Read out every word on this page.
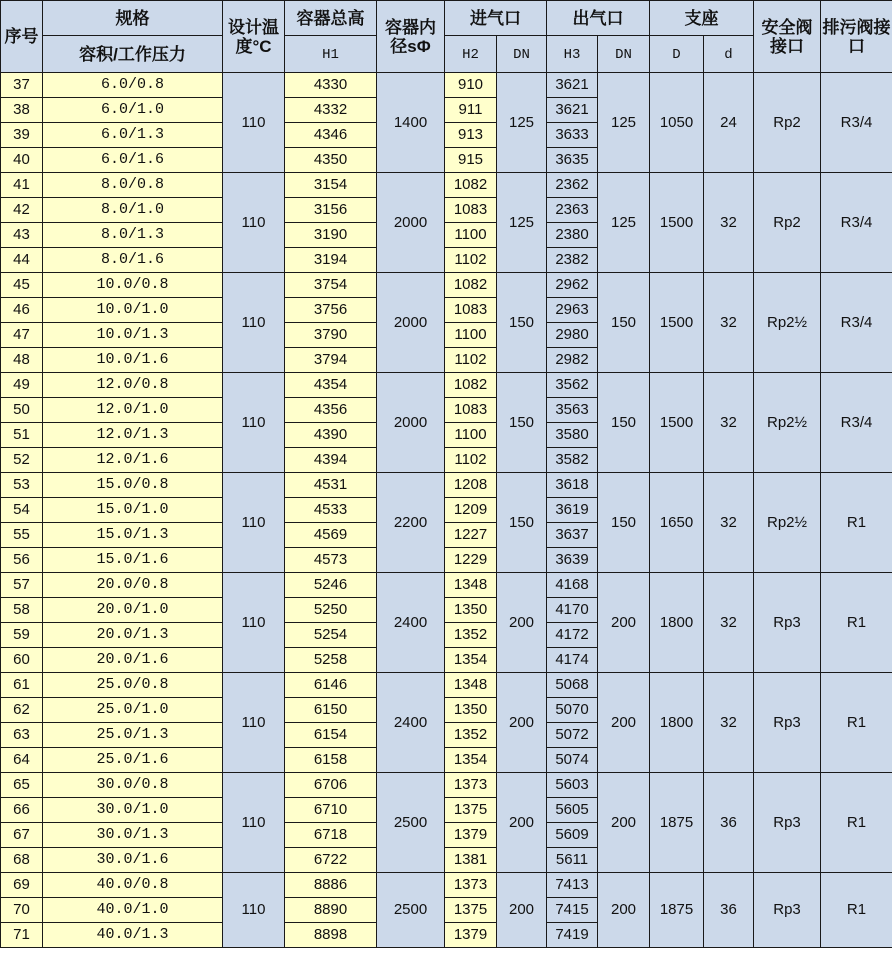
序号	规格	设计温度°C	容器总高	容器内径sΦ	进气口		出气口		支座		安全阀接口	排污阀接口
	容积/工作压力		H1		H2	DN	H3	DN	D	d		
37	6.0/0.8	110	4330	1400	910	125	3621	125	1050	24	Rp2	R3/4
38	6.0/1.0		4332		911		3621					
39	6.0/1.3		4346		913		3633					
40	6.0/1.6		4350		915		3635					
41	8.0/0.8	110	3154	2000	1082	125	2362	125	1500	32	Rp2	R3/4
42	8.0/1.0		3156		1083		2363					
43	8.0/1.3		3190		1100		2380					
44	8.0/1.6		3194		1102		2382					
45	10.0/0.8	110	3754	2000	1082	150	2962	150	1500	32	Rp2½	R3/4
46	10.0/1.0		3756		1083		2963					
47	10.0/1.3		3790		1100		2980					
48	10.0/1.6		3794		1102		2982					
49	12.0/0.8	110	4354	2000	1082	150	3562	150	1500	32	Rp2½	R3/4
50	12.0/1.0		4356		1083		3563					
51	12.0/1.3		4390		1100		3580					
52	12.0/1.6		4394		1102		3582					
53	15.0/0.8	110	4531	2200	1208	150	3618	150	1650	32	Rp2½	R1
54	15.0/1.0		4533		1209		3619					
55	15.0/1.3		4569		1227		3637					
56	15.0/1.6		4573		1229		3639					
57	20.0/0.8	110	5246	2400	1348	200	4168	200	1800	32	Rp3	R1
58	20.0/1.0		5250		1350		4170					
59	20.0/1.3		5254		1352		4172					
60	20.0/1.6		5258		1354		4174					
61	25.0/0.8	110	6146	2400	1348	200	5068	200	1800	32	Rp3	R1
62	25.0/1.0		6150		1350		5070					
63	25.0/1.3		6154		1352		5072					
64	25.0/1.6		6158		1354		5074					
65	30.0/0.8	110	6706	2500	1373	200	5603	200	1875	36	Rp3	R1
66	30.0/1.0		6710		1375		5605					
67	30.0/1.3		6718		1379		5609					
68	30.0/1.6		6722		1381		5611					
69	40.0/0.8	110	8886	2500	1373	200	7413	200	1875	36	Rp3	R1
70	40.0/1.0		8890		1375		7415					
71	40.0/1.3		8898		1379		7419					
